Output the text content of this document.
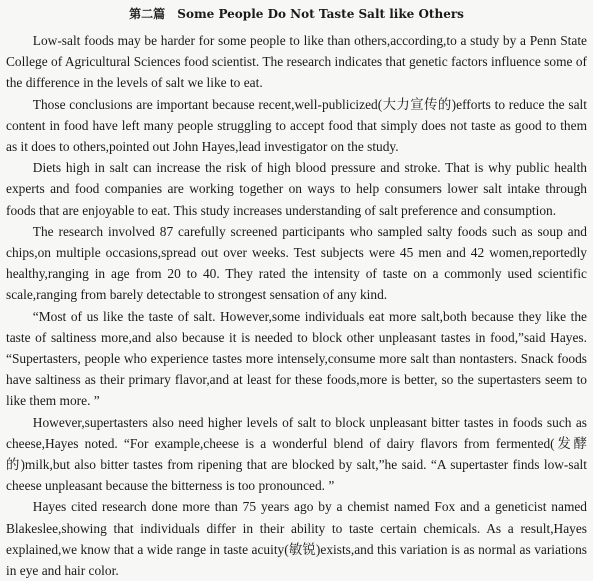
第二篇 Some People Do Not Taste Salt like Others

Low-salt foods may be harder for some people to like than others,according,to a study by a Penn State College of Agricultural Sciences food scientist. The research indicates that genetic factors influence some of the difference in the levels of salt we like to eat.

Those conclusions are important because recent,well-publicized(大力宣传的)efforts to reduce the salt content in food have left many people struggling to accept food that simply does not taste as good to them as it does to others,pointed out John Hayes,lead investigator on the study.

Diets high in salt can increase the risk of high blood pressure and stroke. That is why public health experts and food companies are working together on ways to help consumers lower salt intake through foods that are enjoyable to eat. This study increases understanding of salt preference and consumption.

The research involved 87 carefully screened participants who sampled salty foods such as soup and chips,on multiple occasions,spread out over weeks. Test subjects were 45 men and 42 women,reportedly healthy,ranging in age from 20 to 40. They rated the intensity of taste on a commonly used scientific scale,ranging from barely detectable to strongest sensation of any kind.

“Most of us like the taste of salt. However,some individuals eat more salt,both because they like the taste of saltiness more,and also because it is needed to block other unpleasant tastes in food,”said Hayes. “Supertasters, people who experience tastes more intensely,consume more salt than nontasters. Snack foods have saltiness as their primary flavor,and at least for these foods,more is better, so the supertasters seem to like them more. ”

However,supertasters also need higher levels of salt to block unpleasant bitter tastes in foods such as cheese,Hayes noted. “For example,cheese is a wonderful blend of dairy flavors from fermented(发酵的)milk,but also bitter tastes from ripening that are blocked by salt,”he said. “A supertaster finds low-salt cheese unpleasant because the bitterness is too pronounced. ”

Hayes cited research done more than 75 years ago by a chemist named Fox and a geneticist named Blakeslee,showing that individuals differ in their ability to taste certain chemicals. As a result,Hayes explained,we know that a wide range in taste acuity(敏锐)exists,and this variation is as normal as variations in eye and hair color.
